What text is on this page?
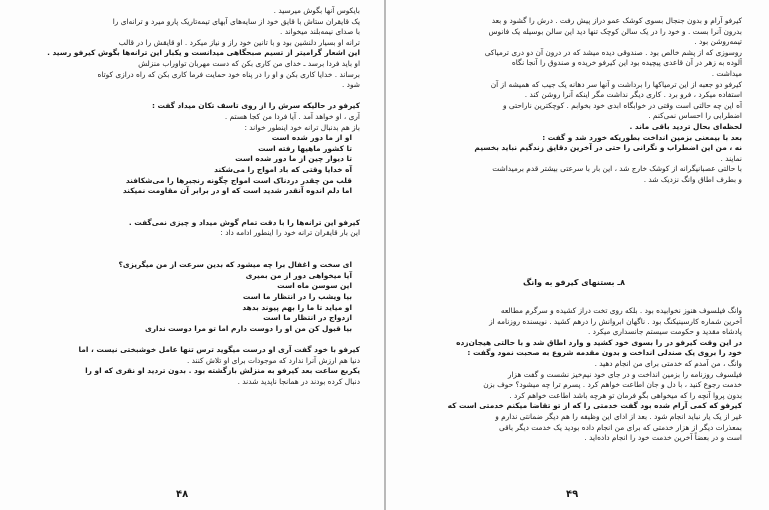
بایکوس آنها بگوش میرسید .
یک قایقران ستاش با قایق خود از سایه‌های آبهای تیمه‌تاریک پارو میرد و ترانه‌ای را
با صدای نیمه‌بلند میخواند .
ترانه او بسیار دلنشین بود و با تانین خود راز و نیاز میکرد . او قایقش را در قالب
این اشعار گرامیتر از تسیم صبحگاهی میدانست و یکبار این ترانه‌ها بگوش کیرفو رسید .
او باید فردا برسد ـ خدای من کاری بکن که دست مهربان تواوراب منزلش
برساند . خدایا کاری بکن و او را در پناه خود حمایت فرما کاری بکن که راه درازی کوتاه
شود .
کیرفو در حالیکه سرش را از روی تاسف تکان میداد گفت :
آری ، او خواهد آمد . آیا فردا من کجا هستم .
باز هم بدنبال ترانه خود اینطور خواند :
او از ما دور شده است
تا کشور ماهیها رفته است
تا دیوار چین از ما دور شده است
آه خدایا وقتی که باد امواج را می‌شکند
قلب من چقدر دردناک است امواج چگونه رنجبرها را می‌شکافند
اما دلم اندوه آنقدر شدید است که او در برابر آن مقاومت نمیکند
کیرفو این ترانه‌ها را با دقت تمام گوش میداد و چیزی نمی‌گفت .
این بار قایقران ترانه خود را اینطور ادامه داد :
ای سخت و اغفال برا چه میشود که بدین سرعت از من میگریزی؟
آیا میخواهی دور از من بمیری
این سوسن ماه است
بیا ویشب را در انتظار ما است
او میاید تا ما را بهم پیوند بدهد
ازدواج در انتظار ما است
بیا قبول کن من او را دوست دارم اما تو مرا دوست نداری
کیرفو با خود گفت آری او درست میگوید ترس تنها عامل خوشبختی نیست ، اما
دنیا هم ارزش آنرا ندارد که موجودات برای او تلاش کنند .
یکربع ساعت بعد کیرفو به منزلش بازگشته بود . بدون تردید او نقری که او را
دنبال کرده بودند در همانجا ناپدید شدند .
۴۸
کیرفو آرام و بدون جنجال بسوی کوشک عمو دراز پیش رفت . درش را گشود و بعد
بدرون آنرا بست . و خود را در یک سالن کوچک تنها دید این سالن بوسیله یک فانوس
تیمه‌روشن بود .
روسوزی که از پشم خالص بود . صندوقی دیده میشد که در درون آن دو دری ترمیاکی
آلوده به زهر در آن قاعدی پیچیده بود این کیرفو خریده و صندوق را آنجا نگاه
میداشت .
کیرفو دو جعبه از این ترمیاکها را برداشت و آنها سر دهانه یک جیب که همیشه از آن
استفاده میکرد ، فرو برد . کاری دیگر نداشت مگر اینکه آنرا روشن کند .
آه این چه حالتی است وقتی در خوابگاه ابدی خود بخوابم . کوچکترین ناراحتی و
اضطرابی را احساس نمی‌کنم .
لحظه‌ای بحال تردید باقی ماند .
بعد با بیمعنی بزمین انداخت بطوریکه خورد شد و گفت :
نه ، من این اضطراب و نگرانی را حتی در آخرین دقایق زندگیم نباید بخسیم
نمایند .
با حالتی عصبانیگرانه از کوشک خارج شد ، این بار با سرعتی بیشتر قدم برمیداشت
و بطرف اطاق وانگ نزدیک شد .
۸ـ بستنهای کیرفو به وانگ
وانگ فیلسوف هنوز نخوابیده بود . بلکه روی تخت دراز کشیده و سرگرم مطالعه
آخرین شماره کارسینیکنگ بود . ناگهان ابروانش را درهم کشید . نویسنده روزنامه از
پادشاه مقدید و حکومت سیستم جانسداری میکرد .
در این وقت کیرفو در را بسوی خود کشید و وارد اطاق شد و با حالتی هیجان‌زده
خود را بروی یک صندلی انداخت و بدون مقدمه شروع به صحبت نمود وگفت :
وانگ ، من آمدم که خدمتی برای من انجام دهید .
فیلسوف روزنامه را بزمین انداخت و در جای خود نیم‌خیز نشست و گفت هزار
خدمت رجوع کنید ، با دل و جان اطاعت خواهم کرد . پسرم ترا چه میشود؟ حوف بزن
بدون پروا آنچه را که میخواهی بگو فرمان تو هرچه باشد اطاعت خواهم کرد .
کیرفو که کمی آرام شده بود گفت خدمتی را که از تو تقاضا میکنم خدمتی است که
غیر از یک یار نباید انجام شود . بعد از ادای این وظیفه را هم دیگر ضمانتی ندارم و
بمعذرات دیگر از هزار خدمتی که برای من انجام داده بودید یک خدمت دیگر باقی
است و در بعضاً آخرین خدمت خود را انجام داده‌اید .
۴۹
